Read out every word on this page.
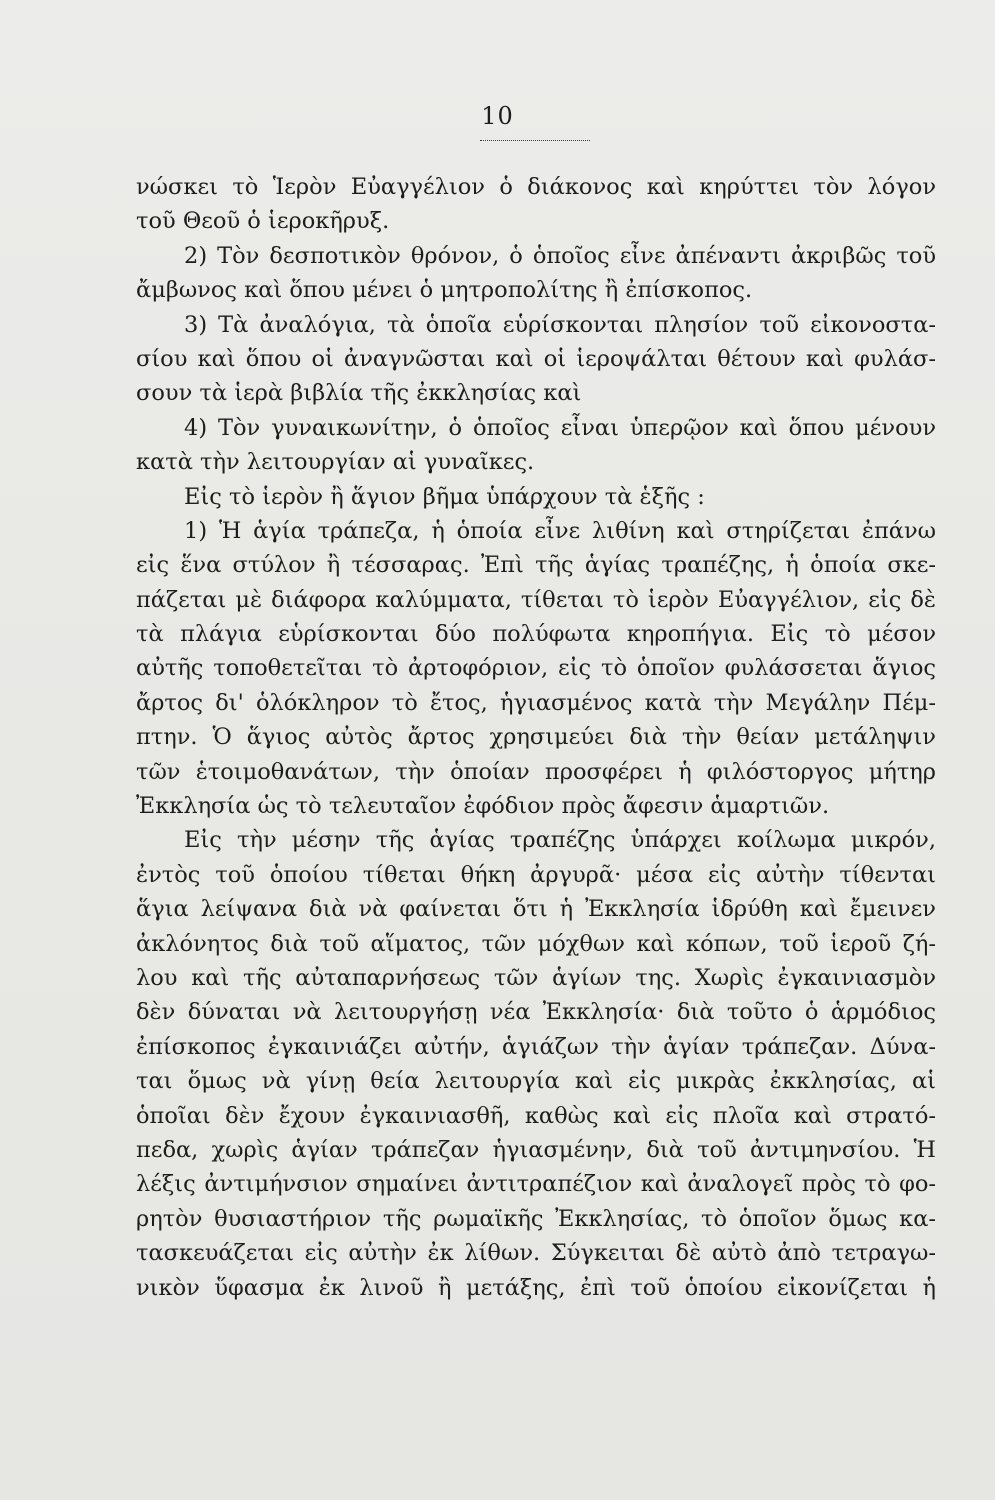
10
νώσκει τὸ Ἱερὸν Εὐαγγέλιον ὁ διάκονος καὶ κηρύττει τὸν λόγον
τοῦ Θεοῦ ὁ ἱεροκῆρυξ.
2) Τὸν δεσποτικὸν θρόνον, ὁ ὁποῖος εἶνε ἀπέναντι ἀκριβῶς τοῦ
ἄμβωνος καὶ ὅπου μένει ὁ μητροπολίτης ἢ ἐπίσκοπος.
3) Τὰ ἀναλόγια, τὰ ὁποῖα εὑρίσκονται πλησίον τοῦ εἰκονοστα-
σίου καὶ ὅπου οἱ ἀναγνῶσται καὶ οἱ ἱεροψάλται θέτουν καὶ φυλάσ-
σουν τὰ ἱερὰ βιβλία τῆς ἐκκλησίας καὶ
4) Τὸν γυναικωνίτην, ὁ ὁποῖος εἶναι ὑπερῷον καὶ ὅπου μένουν
κατὰ τὴν λειτουργίαν αἱ γυναῖκες.
Εἰς τὸ ἱερὸν ἢ ἅγιον βῆμα ὑπάρχουν τὰ ἑξῆς :
1) Ἡ ἁγία τράπεζα, ἡ ὁποία εἶνε λιθίνη καὶ στηρίζεται ἐπάνω
εἰς ἕνα στύλον ἢ τέσσαρας. Ἐπὶ τῆς ἁγίας τραπέζης, ἡ ὁποία σκε-
πάζεται μὲ διάφορα καλύμματα, τίθεται τὸ ἱερὸν Εὐαγγέλιον, εἰς δὲ
τὰ πλάγια εὑρίσκονται δύο πολύφωτα κηροπήγια. Εἰς τὸ μέσον
αὐτῆς τοποθετεῖται τὸ ἀρτοφόριον, εἰς τὸ ὁποῖον φυλάσσεται ἅγιος
ἄρτος δι' ὁλόκληρον τὸ ἔτος, ἡγιασμένος κατὰ τὴν Μεγάλην Πέμ-
πτην. Ὁ ἅγιος αὐτὸς ἄρτος χρησιμεύει διὰ τὴν θείαν μετάληψιν
τῶν ἑτοιμοθανάτων, τὴν ὁποίαν προσφέρει ἡ φιλόστοργος μήτηρ
Ἐκκλησία ὡς τὸ τελευταῖον ἐφόδιον πρὸς ἄφεσιν ἁμαρτιῶν.
Εἰς τὴν μέσην τῆς ἁγίας τραπέζης ὑπάρχει κοίλωμα μικρόν,
ἐντὸς τοῦ ὁποίου τίθεται θήκη ἀργυρᾶ· μέσα εἰς αὐτὴν τίθενται
ἅγια λείψανα διὰ νὰ φαίνεται ὅτι ἡ Ἐκκλησία ἱδρύθη καὶ ἔμεινεν
ἀκλόνητος διὰ τοῦ αἵματος, τῶν μόχθων καὶ κόπων, τοῦ ἱεροῦ ζή-
λου καὶ τῆς αὐταπαρνήσεως τῶν ἁγίων της. Χωρὶς ἐγκαινιασμὸν
δὲν δύναται νὰ λειτουργήσῃ νέα Ἐκκλησία· διὰ τοῦτο ὁ ἁρμόδιος
ἐπίσκοπος ἐγκαινιάζει αὐτήν, ἁγιάζων τὴν ἁγίαν τράπεζαν. Δύνα-
ται ὅμως νὰ γίνῃ θεία λειτουργία καὶ εἰς μικρὰς ἐκκλησίας, αἱ
ὁποῖαι δὲν ἔχουν ἐγκαινιασθῆ, καθὼς καὶ εἰς πλοῖα καὶ στρατό-
πεδα, χωρὶς ἁγίαν τράπεζαν ἡγιασμένην, διὰ τοῦ ἀντιμηνσίου. Ἡ
λέξις ἀντιμήνσιον σημαίνει ἀντιτραπέζιον καὶ ἀναλογεῖ πρὸς τὸ φο-
ρητὸν θυσιαστήριον τῆς ρωμαϊκῆς Ἐκκλησίας, τὸ ὁποῖον ὅμως κα-
τασκευάζεται εἰς αὐτὴν ἐκ λίθων. Σύγκειται δὲ αὐτὸ ἀπὸ τετραγω-
νικὸν ὕφασμα ἐκ λινοῦ ἢ μετάξης, ἐπὶ τοῦ ὁποίου εἰκονίζεται ἡ
